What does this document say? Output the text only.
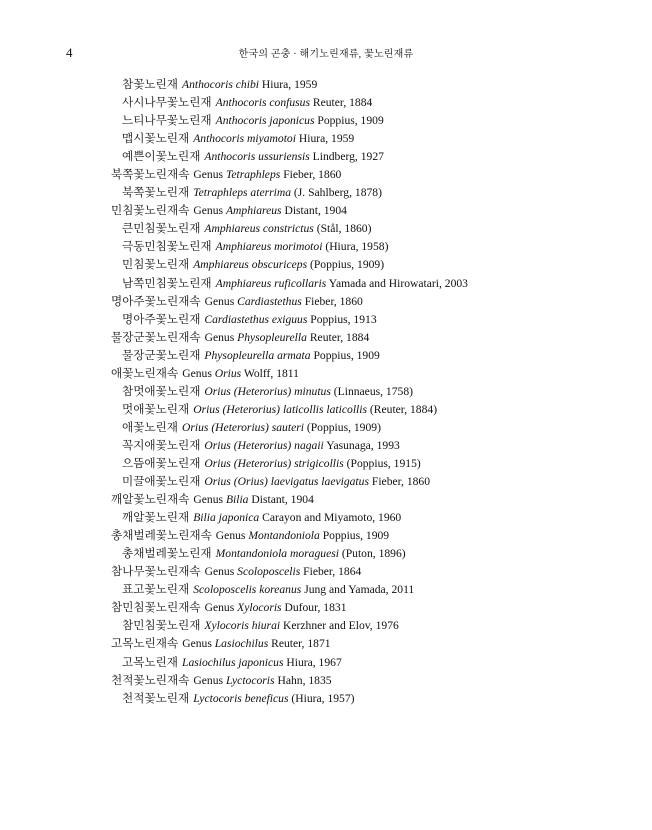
4	한국의 곤충 · 해기노린재류, 꽃노린재류
참꽃노린재 Anthocoris chibi Hiura, 1959
사시나무꽃노린재 Anthocoris confusus Reuter, 1884
느티나무꽃노린재 Anthocoris japonicus Poppius, 1909
맵시꽃노린재 Anthocoris miyamotoi Hiura, 1959
예쁜이꽃노린재 Anthocoris ussuriensis Lindberg, 1927
북쪽꽃노린재속 Genus Tetraphleps Fieber, 1860
북쪽꽃노린재 Tetraphleps aterrima (J. Sahlberg, 1878)
민침꽃노린재속 Genus Amphiareus Distant, 1904
큰민침꽃노린재 Amphiareus constrictus (Stål, 1860)
극동민침꽃노린재 Amphiareus morimotoi (Hiura, 1958)
민침꽃노린재 Amphiareus obscuriceps (Poppius, 1909)
남쪽민침꽃노린재 Amphiareus ruficollaris Yamada and Hirowatari, 2003
명아주꽃노린재속 Genus Cardiastethus Fieber, 1860
명아주꽃노린재 Cardiastethus exiguus Poppius, 1913
물장군꽃노린재속 Genus Physopleurella Reuter, 1884
물장군꽃노린재 Physopleurella armata Poppius, 1909
애꽃노린재속 Genus Orius Wolff, 1811
참멋애꽃노린재 Orius (Heterorius) minutus (Linnaeus, 1758)
멋애꽃노린재 Orius (Heterorius) laticollis laticollis (Reuter, 1884)
애꽃노린재 Orius (Heterorius) sauteri (Poppius, 1909)
꼭지애꽃노린재 Orius (Heterorius) nagaii Yasunaga, 1993
으뜸애꽃노린재 Orius (Heterorius) strigicollis (Poppius, 1915)
미끌애꽃노린재 Orius (Orius) laevigatus laevigatus Fieber, 1860
깨알꽃노린재속 Genus Bilia Distant, 1904
깨알꽃노린재 Bilia japonica Carayon and Miyamoto, 1960
총채벌레꽃노린재속 Genus Montandoniola Poppius, 1909
총채벌레꽃노린재 Montandoniola moraguesi (Puton, 1896)
참나무꽃노린재속 Genus Scoloposcelis Fieber, 1864
표고꽃노린재 Scoloposcelis koreanus Jung and Yamada, 2011
참민침꽃노린재속 Genus Xylocoris Dufour, 1831
참민침꽃노린재 Xylocoris hiurai Kerzhner and Elov, 1976
고목노린재속 Genus Lasiochilus Reuter, 1871
고목노린재 Lasiochilus japonicus Hiura, 1967
천적꽃노린재속 Genus Lyctocoris Hahn, 1835
천적꽃노린재 Lyctocoris beneficus (Hiura, 1957)
